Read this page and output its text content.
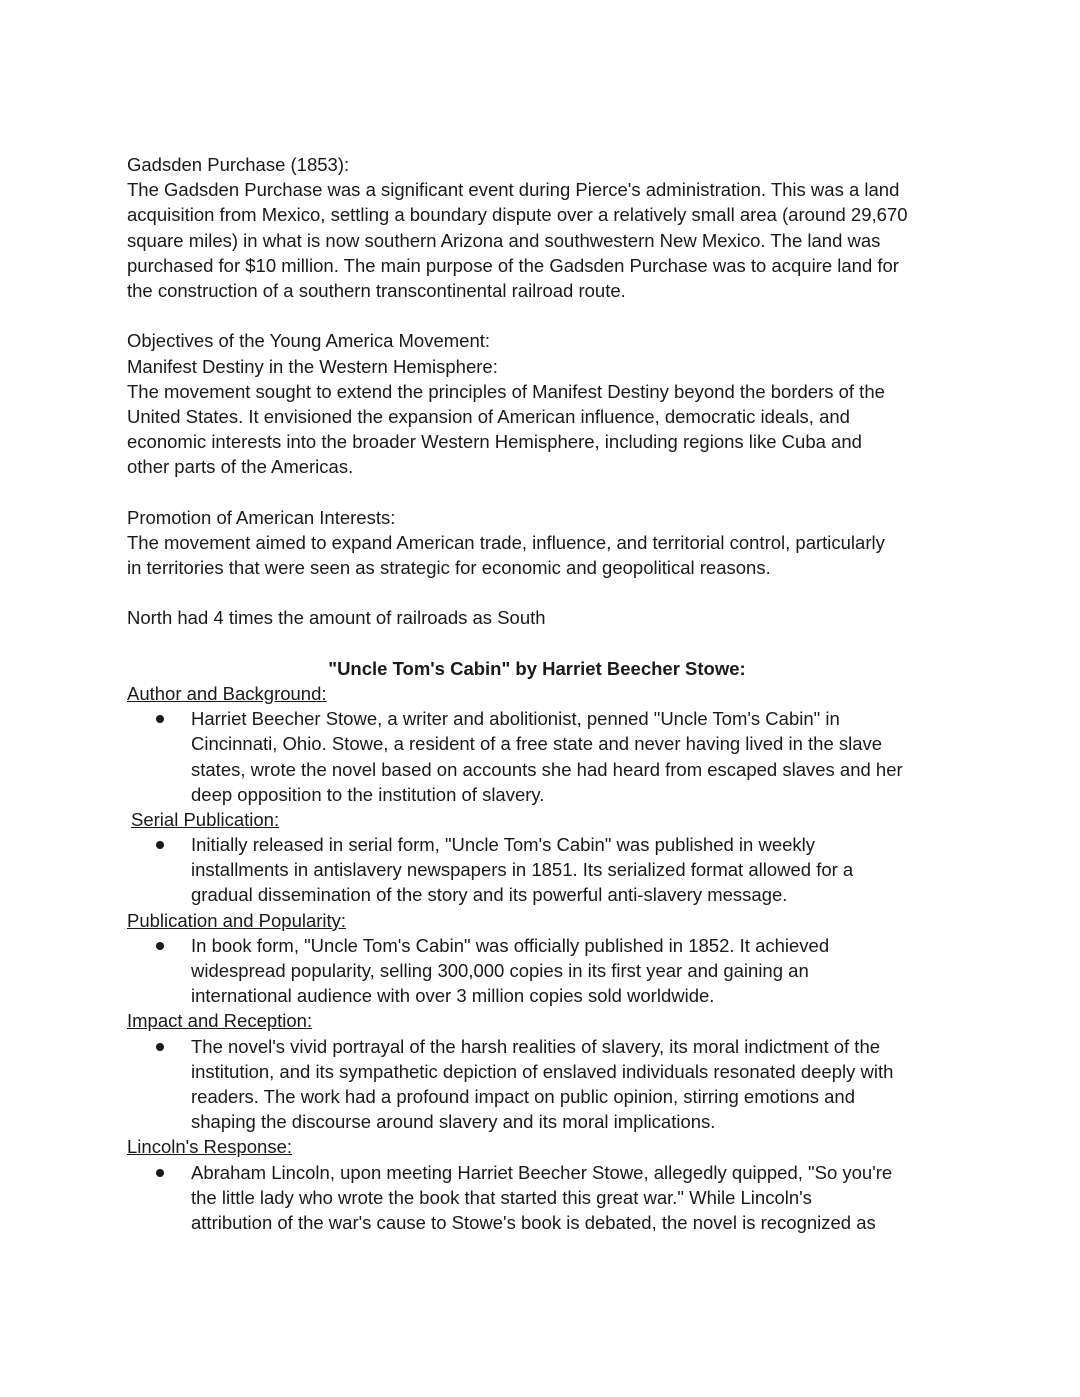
Gadsden Purchase (1853):
The Gadsden Purchase was a significant event during Pierce's administration. This was a land
acquisition from Mexico, settling a boundary dispute over a relatively small area (around 29,670
square miles) in what is now southern Arizona and southwestern New Mexico. The land was
purchased for $10 million. The main purpose of the Gadsden Purchase was to acquire land for
the construction of a southern transcontinental railroad route.
Objectives of the Young America Movement:
Manifest Destiny in the Western Hemisphere:
The movement sought to extend the principles of Manifest Destiny beyond the borders of the
United States. It envisioned the expansion of American influence, democratic ideals, and
economic interests into the broader Western Hemisphere, including regions like Cuba and
other parts of the Americas.
Promotion of American Interests:
The movement aimed to expand American trade, influence, and territorial control, particularly
in territories that were seen as strategic for economic and geopolitical reasons.
North had 4 times the amount of railroads as South
"Uncle Tom's Cabin" by Harriet Beecher Stowe:
Author and Background:
Harriet Beecher Stowe, a writer and abolitionist, penned "Uncle Tom's Cabin" in
Cincinnati, Ohio. Stowe, a resident of a free state and never having lived in the slave
states, wrote the novel based on accounts she had heard from escaped slaves and her
deep opposition to the institution of slavery.
Serial Publication:
Initially released in serial form, "Uncle Tom's Cabin" was published in weekly
installments in antislavery newspapers in 1851. Its serialized format allowed for a
gradual dissemination of the story and its powerful anti-slavery message.
Publication and Popularity:
In book form, "Uncle Tom's Cabin" was officially published in 1852. It achieved
widespread popularity, selling 300,000 copies in its first year and gaining an
international audience with over 3 million copies sold worldwide.
Impact and Reception:
The novel's vivid portrayal of the harsh realities of slavery, its moral indictment of the
institution, and its sympathetic depiction of enslaved individuals resonated deeply with
readers. The work had a profound impact on public opinion, stirring emotions and
shaping the discourse around slavery and its moral implications.
Lincoln's Response:
Abraham Lincoln, upon meeting Harriet Beecher Stowe, allegedly quipped, "So you're
the little lady who wrote the book that started this great war." While Lincoln's
attribution of the war's cause to Stowe's book is debated, the novel is recognized as
